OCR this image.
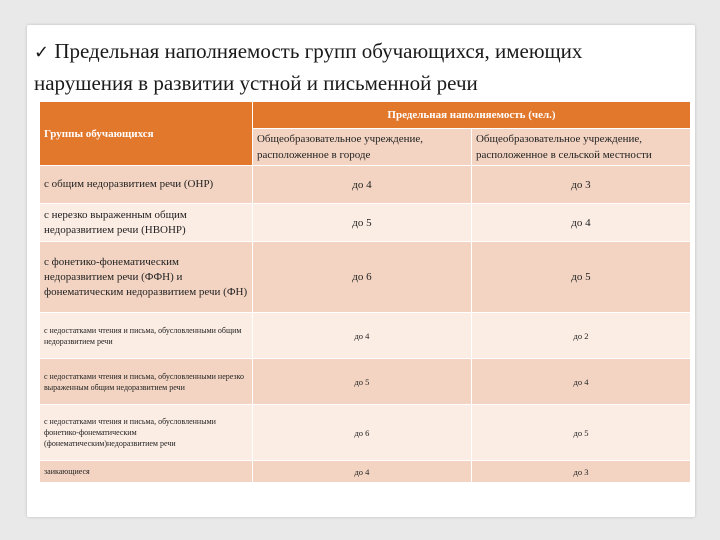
✓ Предельная наполняемость групп обучающихся, имеющих нарушения в развитии устной и письменной речи
Группы обучающихся	Предельная наполняемость (чел.)	
	Общеобразовательное учреждение, расположенное в городе	Общеобразовательное учреждение, расположенное в сельской местности
с общим недоразвитием речи (ОНР)	до 4	до 3
с нерезко выраженным общим недоразвитием речи (НВОНР)	до 5	до 4
с фонетико-фонематическим недоразвитием речи (ФФН) и фонематическим недоразвитием речи (ФН)	до 6	до 5
с недостатками чтения и письма, обусловленными общим недоразвитием речи	до 4	до 2
с недостатками чтения и письма, обусловленными нерезко выраженным общим недоразвитием речи	до 5	до 4
с недостатками чтения и письма, обусловленными фонетико-фонематическим (фонематическим)недоразвитием речи	до 6	до 5
заикающиеся	до 4	до 3
